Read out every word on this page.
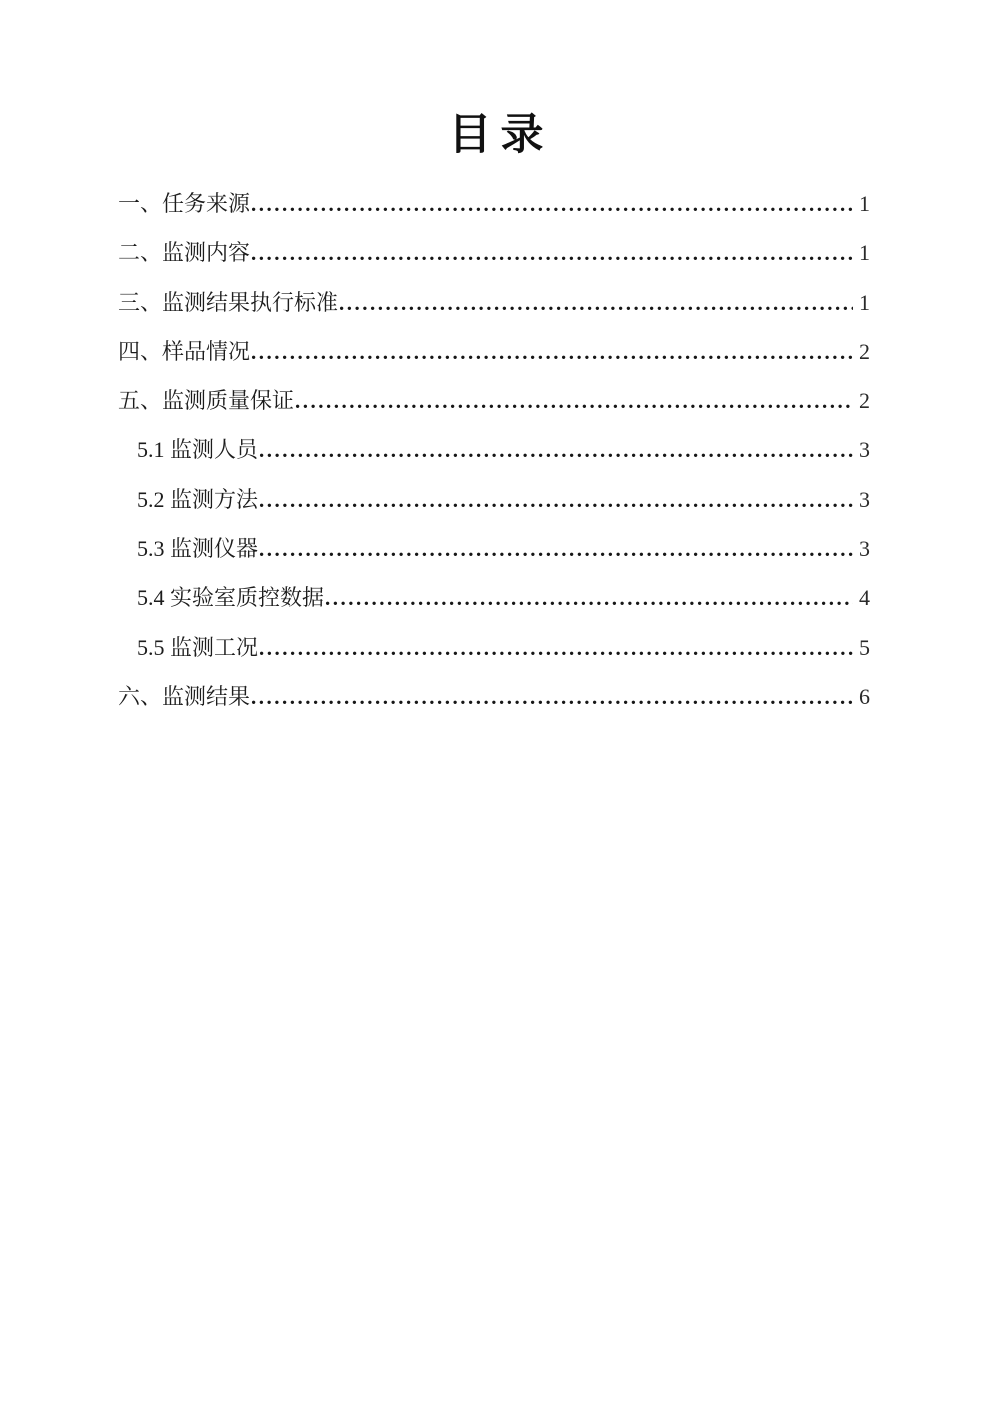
目录
一、任务来源 .....	1
二、监测内容 .....	1
三、监测结果执行标准 .....	1
四、样品情况 .....	2
五、监测质量保证 .....	2
5.1 监测人员 .....	3
5.2 监测方法 .....	3
5.3 监测仪器 .....	3
5.4 实验室质控数据 .....	4
5.5 监测工况 .....	5
六、监测结果 .....	6
